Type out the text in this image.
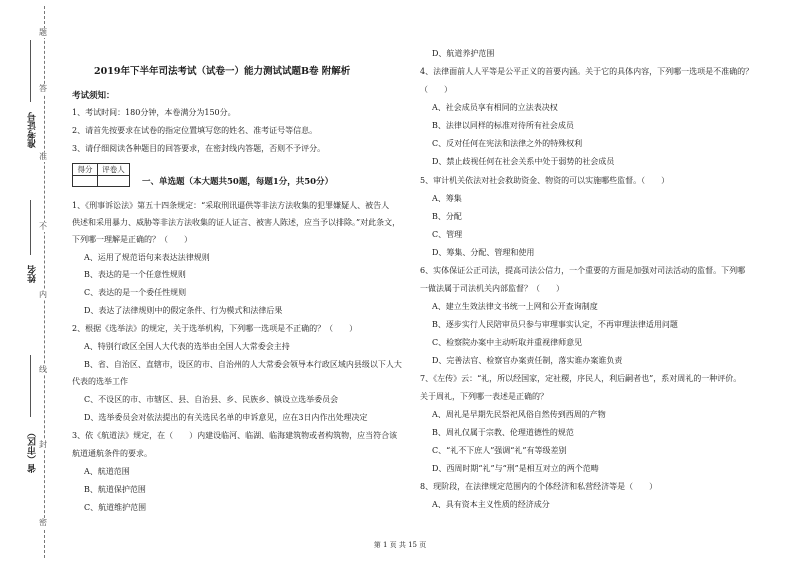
题
答
准
不
内
线
封
密
准考证号
姓名
省（市区）
2019年下半年司法考试（试卷一）能力测试试题B卷 附解析
考试须知：
1、考试时间：180分钟，本卷满分为150分。
2、请首先按要求在试卷的指定位置填写您的姓名、准考证号等信息。
3、请仔细阅读各种题目的回答要求，在密封线内答题，否则不予评分。
一、单选题（本大题共50题，每题1分，共50分）
1、《刑事诉讼法》第五十四条规定：“采取刑讯逼供等非法方法收集的犯罪嫌疑人、被告人
供述和采用暴力、威胁等非法方法收集的证人证言、被害人陈述，应当予以排除。”对此条文，
下列哪一理解是正确的？（　　）
A、运用了规范语句来表达法律规则
B、表达的是一个任意性规则
C、表达的是一个委任性规则
D、表达了法律规则中的假定条件、行为模式和法律后果
2、根据《选举法》的规定，关于选举机构，下列哪一选项是不正确的？（　　）
A、特别行政区全国人大代表的选举由全国人大常委会主持
B、省、自治区、直辖市，设区的市、自治州的人大常委会领导本行政区域内县级以下人大
代表的选举工作
C、不设区的市、市辖区、县、自治县、乡、民族乡、镇设立选举委员会
D、选举委员会对依法提出的有关选民名单的申诉意见，应在3日内作出处理决定
3、依《航道法》规定，在（　　）内建设临河、临湖、临海建筑物或者构筑物，应当符合该
航道通航条件的要求。
A、航道范围
B、航道保护范围
C、航道维护范围
得分	评卷人
D、航道养护范围
4、法律面前人人平等是公平正义的首要内涵。关于它的具体内容，下列哪一选项是不准确的？
（　　）
A、社会成员享有相同的立法表决权
B、法律以同样的标准对待所有社会成员
C、反对任何在宪法和法律之外的特殊权利
D、禁止歧视任何在社会关系中处于弱势的社会成员
5、审计机关依法对社会救助资金、物资的可以实施哪些监督。（　　）
A、筹集
B、分配
C、管理
D、筹集、分配、管理和使用
6、实体保证公正司法，提高司法公信力，一个重要的方面是加强对司法活动的监督。下列哪
一做法属于司法机关内部监督？（　　）
A、建立生效法律文书统一上网和公开查询制度
B、逐步实行人民陪审员只参与审理事实认定，不再审理法律适用问题
C、检察院办案中主动听取并重视律师意见
D、完善法官、检察官办案责任制，落实谁办案谁负责
7、《左传》云：“礼，所以经国家，定社稷，序民人，利后嗣者也”，系对周礼的一种评价。
关于周礼，下列哪一表述是正确的？
A、周礼是早期先民祭祀风俗自然传到西周的产物
B、周礼仅属于宗教、伦理道德性的规范
C、“礼不下庶人”强调“礼”有等级差别
D、西周时期“礼”与“刑”是相互对立的两个范畴
8、现阶段，在法律规定范围内的个体经济和私营经济等是（　　）
A、具有资本主义性质的经济成分
第 1 页 共 15 页
